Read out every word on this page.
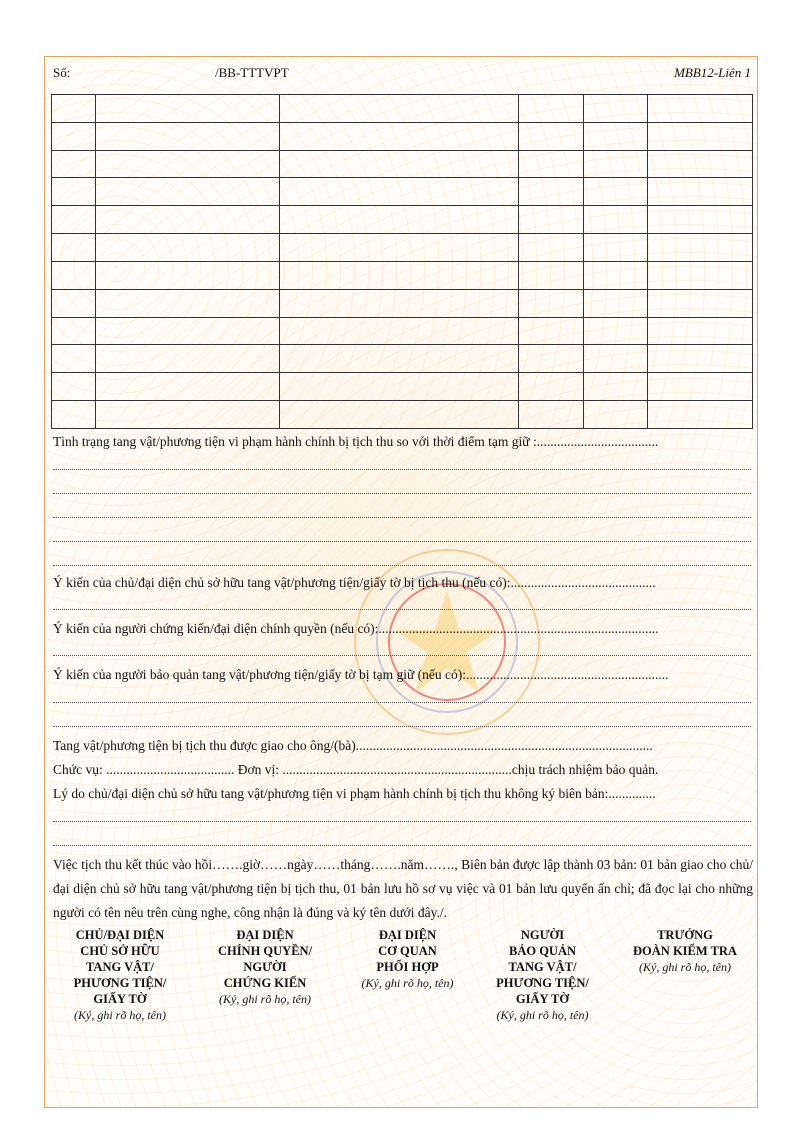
Số:	/BB-TTTVPT	MBB12-Liên 1

Tình trạng tang vật/phương tiện vi phạm hành chính bị tịch thu so với thời điểm tạm giữ :....................................
Ý kiến của chủ/đại diện chủ sở hữu tang vật/phương tiện/giấy tờ bị tịch thu (nếu có):...........................................
Ý kiến của người chứng kiến/đại diện chính quyền (nếu có):...................................................................................
Ý kiến của người bảo quản tang vật/phương tiện/giấy tờ bị tạm giữ (nếu có):............................................................
Tang vật/phương tiện bị tịch thu được giao cho ông/(bà)........................................................................................
Chức vụ: ...................................... Đơn vị: ....................................................................chịu trách nhiệm bảo quản.
Lý do chủ/đại diện chủ sở hữu tang vật/phương tiện vi phạm hành chính bị tịch thu không ký biên bản:..............
Việc tịch thu kết thúc vào hồi…….giờ……ngày……tháng…….năm……., Biên bản được lập thành 03 bản: 01 bản giao cho chủ/đại diện chủ sở hữu tang vật/phương tiện bị tịch thu, 01 bản lưu hồ sơ vụ việc và 01 bản lưu quyển ấn chỉ; đã đọc lại cho những người có tên nêu trên cùng nghe, công nhận là đúng và ký tên dưới đây./.
CHỦ/ĐẠI DIỆN
CHỦ SỞ HỮU
TANG VẬT/
PHƯƠNG TIỆN/
GIẤY TỜ
(Ký, ghi rõ họ, tên)
ĐẠI DIỆN
CHÍNH QUYỀN/
NGƯỜI
CHỨNG KIẾN
(Ký, ghi rõ họ, tên)
ĐẠI DIỆN
CƠ QUAN
PHỐI HỢP
(Ký, ghi rõ họ, tên)
NGƯỜI
BẢO QUẢN
TANG VẬT/
PHƯƠNG TIỆN/
GIẤY TỜ
(Ký, ghi rõ họ, tên)
TRƯỞNG
ĐOÀN KIỂM TRA
(Ký, ghi rõ họ, tên)
